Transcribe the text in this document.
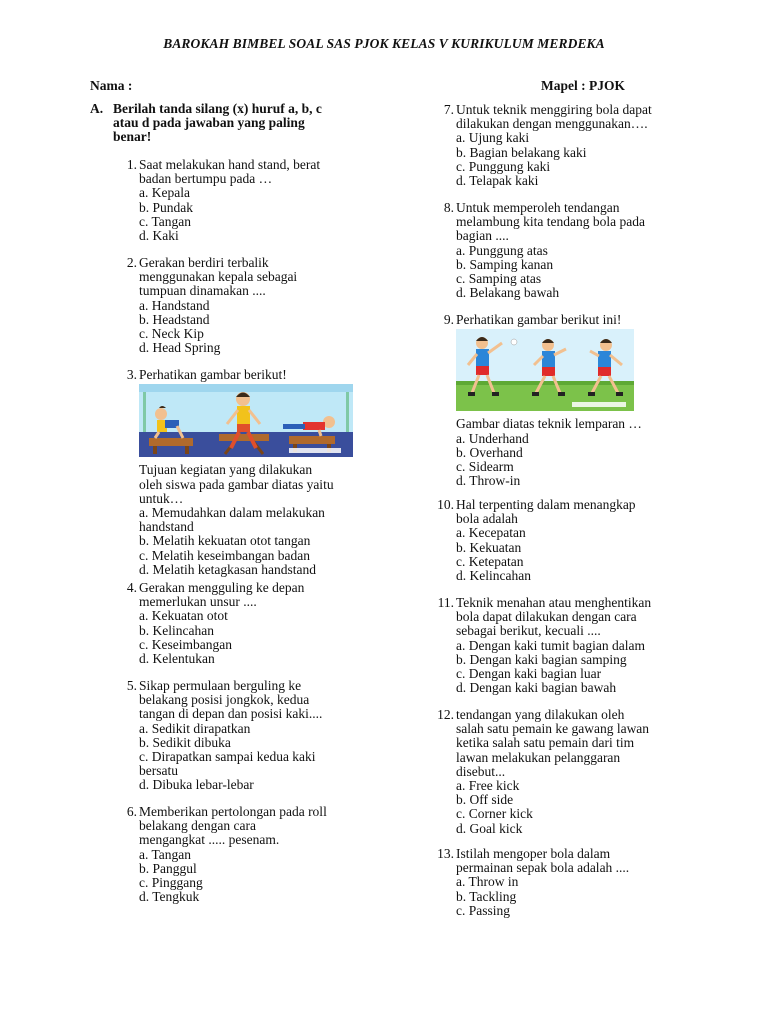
BAROKAH BIMBEL SOAL SAS PJOK KELAS V KURIKULUM MERDEKA
Nama :	Mapel : PJOK
A. Berilah tanda silang (x) huruf a, b, c
atau d pada jawaban yang paling
benar!
1. Saat melakukan hand stand, berat
badan bertumpu pada …
a. Kepala
b. Pundak
c. Tangan
d. Kaki
2. Gerakan berdiri terbalik
menggunakan kepala sebagai
tumpuan dinamakan ....
a. Handstand
b. Headstand
c. Neck Kip
d. Head Spring
3. Perhatikan gambar berikut!
Tujuan kegiatan yang dilakukan
oleh siswa pada gambar diatas yaitu
untuk…
a. Memudahkan dalam melakukan
handstand
b. Melatih kekuatan otot tangan
c. Melatih keseimbangan badan
d. Melatih ketagkasan handstand
4. Gerakan mengguling ke depan
memerlukan unsur ....
a. Kekuatan otot
b. Kelincahan
c. Keseimbangan
d. Kelentukan
5. Sikap permulaan berguling ke
belakang posisi jongkok, kedua
tangan di depan dan posisi kaki....
a. Sedikit dirapatkan
b. Sedikit dibuka
c. Dirapatkan sampai kedua kaki
bersatu
d. Dibuka lebar-lebar
6. Memberikan pertolongan pada roll
belakang dengan cara
mengangkat ..... pesenam.
a. Tangan
b. Panggul
c. Pinggang
d. Tengkuk
7. Untuk teknik menggiring bola dapat
dilakukan dengan menggunakan….
a. Ujung kaki
b. Bagian belakang kaki
c. Punggung kaki
d. Telapak kaki
8. Untuk memperoleh tendangan
melambung kita tendang bola pada
bagian ....
a. Punggung atas
b. Samping kanan
c. Samping atas
d. Belakang bawah
9. Perhatikan gambar berikut ini!
Gambar diatas teknik lemparan …
a. Underhand
b. Overhand
c. Sidearm
d. Throw-in
10. Hal terpenting dalam menangkap
bola adalah
a. Kecepatan
b. Kekuatan
c. Ketepatan
d. Kelincahan
11. Teknik menahan atau menghentikan
bola dapat dilakukan dengan cara
sebagai berikut, kecuali ....
a. Dengan kaki tumit bagian dalam
b. Dengan kaki bagian samping
c. Dengan kaki bagian luar
d. Dengan kaki bagian bawah
12. tendangan yang dilakukan oleh
salah satu pemain ke gawang lawan
ketika salah satu pemain dari tim
lawan melakukan pelanggaran
disebut...
a. Free kick
b. Off side
c. Corner kick
d. Goal kick
13. Istilah mengoper bola dalam
permainan sepak bola adalah ....
a. Throw in
b. Tackling
c. Passing
